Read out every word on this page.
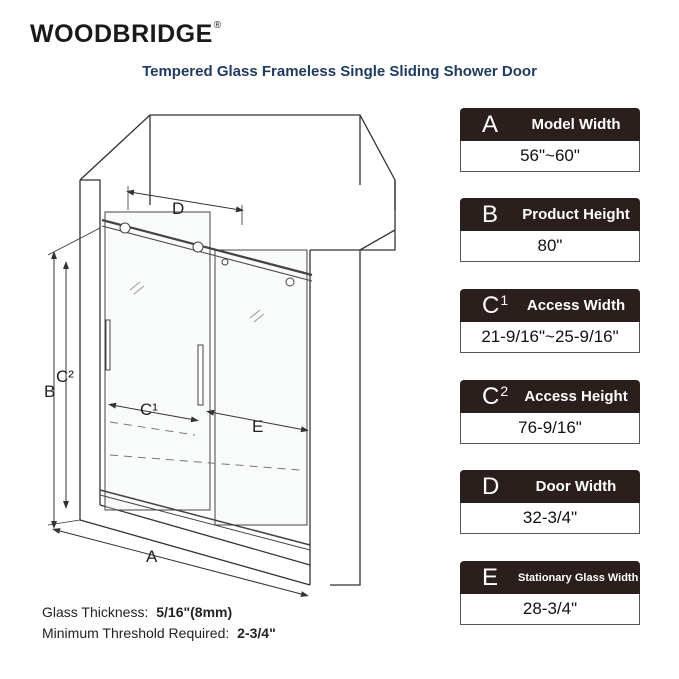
WOODBRIDGE®
Tempered Glass Frameless Single Sliding Shower Door
D
C¹
E
B
C²
A
A	Model Width
56"~60"
B Product Height
80"
$C^1$	Access Width
21-9/16"~25-9/16"
$C^2$	Access Height
76-9/16"
D	Door Width
32-3/4"
E Stationary Glass Width
28-3/4"
Glass Thickness: 5/16"(8mm)
Minimum Threshold Required: 2-3/4"
